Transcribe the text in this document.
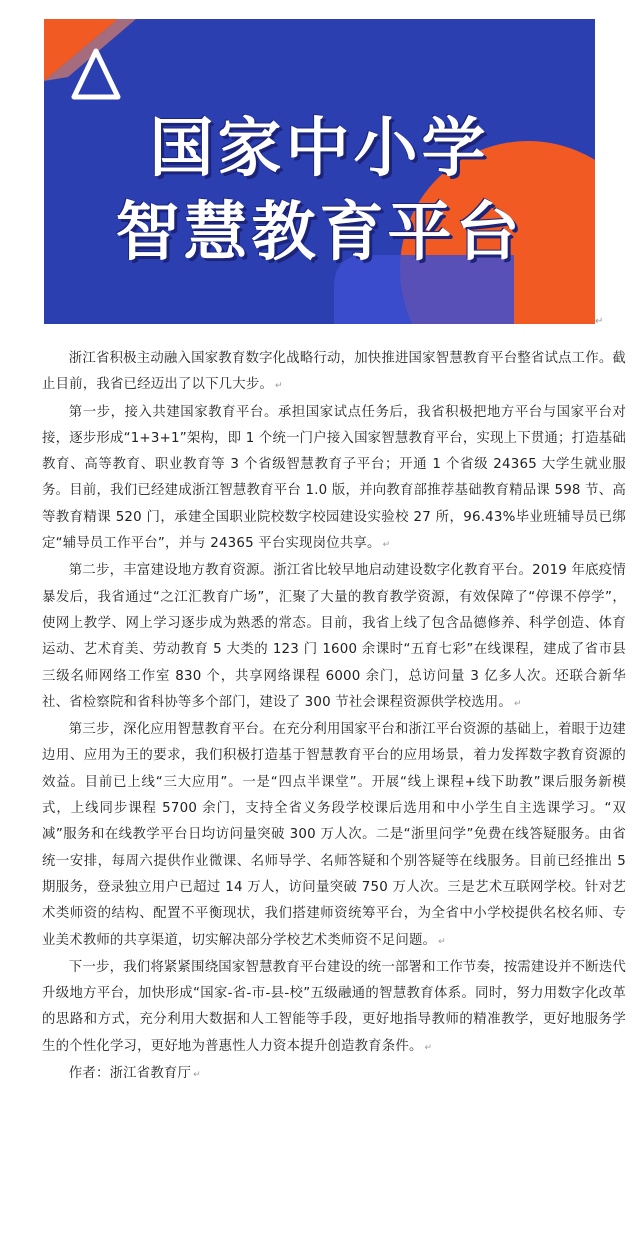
国家中小学
智慧教育平台
↵

浙江省积极主动融入国家教育数字化战略行动，加快推进国家智慧教育平台整省试点工作。截止目前，我省已经迈出了以下几大步。 ↵

第一步，接入共建国家教育平台。承担国家试点任务后，我省积极把地方平台与国家平台对接，逐步形成“1+3+1”架构，即 1 个统一门户接入国家智慧教育平台，实现上下贯通；打造基础教育、高等教育、职业教育等 3 个省级智慧教育子平台；开通 1 个省级 24365 大学生就业服务。目前，我们已经建成浙江智慧教育平台 1.0 版，并向教育部推荐基础教育精品课 598 节、高等教育精课 520 门，承建全国职业院校数字校园建设实验校 27 所，96.43%毕业班辅导员已绑定“辅导员工作平台”，并与 24365 平台实现岗位共享。 ↵

第二步，丰富建设地方教育资源。浙江省比较早地启动建设数字化教育平台。2019 年底疫情暴发后，我省通过“之江汇教育广场”，汇聚了大量的教育教学资源，有效保障了“停课不停学”，使网上教学、网上学习逐步成为熟悉的常态。目前，我省上线了包含品德修养、科学创造、体育运动、艺术育美、劳动教育 5 大类的 123 门 1600 余课时“五育七彩”在线课程，建成了省市县三级名师网络工作室 830 个，共享网络课程 6000 余门，总访问量 3 亿多人次。还联合新华社、省检察院和省科协等多个部门，建设了 300 节社会课程资源供学校选用。 ↵

第三步，深化应用智慧教育平台。在充分利用国家平台和浙江平台资源的基础上，着眼于边建边用、应用为王的要求，我们积极打造基于智慧教育平台的应用场景，着力发挥数字教育资源的效益。目前已上线“三大应用”。一是“四点半课堂”。开展“线上课程+线下助教”课后服务新模式，上线同步课程 5700 余门，支持全省义务段学校课后选用和中小学生自主选课学习。“双减”服务和在线教学平台日均访问量突破 300 万人次。二是“浙里问学”免费在线答疑服务。由省统一安排，每周六提供作业微课、名师导学、名师答疑和个别答疑等在线服务。目前已经推出 5 期服务，登录独立用户已超过 14 万人，访问量突破 750 万人次。三是艺术互联网学校。针对艺术类师资的结构、配置不平衡现状，我们搭建师资统筹平台，为全省中小学校提供名校名师、专业美术教师的共享渠道，切实解决部分学校艺术类师资不足问题。 ↵

下一步，我们将紧紧围绕国家智慧教育平台建设的统一部署和工作节奏，按需建设并不断迭代升级地方平台，加快形成“国家-省-市-县-校”五级融通的智慧教育体系。同时，努力用数字化改革的思路和方式，充分利用大数据和人工智能等手段，更好地指导教师的精准教学，更好地服务学生的个性化学习，更好地为普惠性人力资本提升创造教育条件。 ↵

作者：浙江省教育厅 ↵
